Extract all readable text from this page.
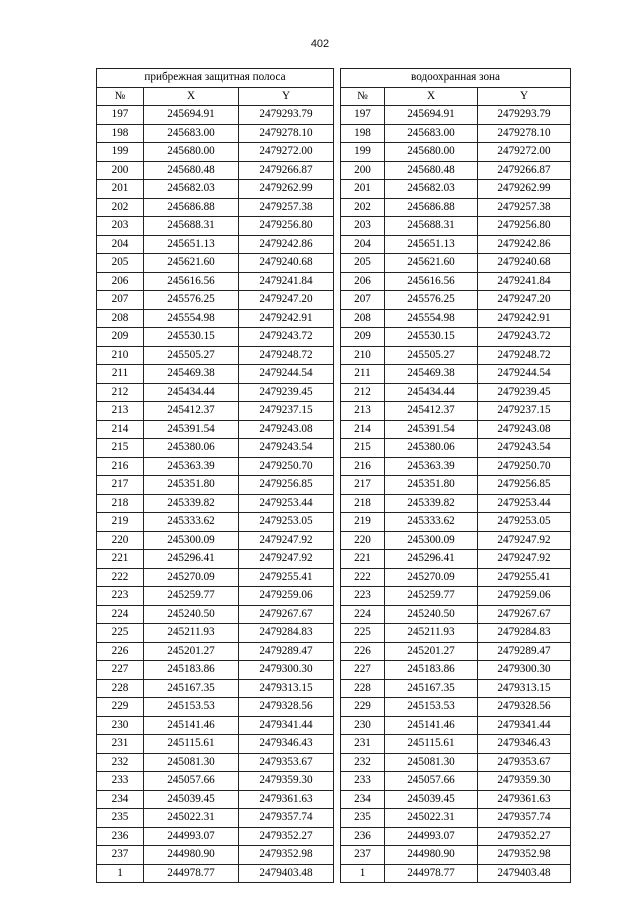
402
прибрежная защитная полоса		
№	X	Y
197	245694.91	2479293.79
198	245683.00	2479278.10
199	245680.00	2479272.00
200	245680.48	2479266.87
201	245682.03	2479262.99
202	245686.88	2479257.38
203	245688.31	2479256.80
204	245651.13	2479242.86
205	245621.60	2479240.68
206	245616.56	2479241.84
207	245576.25	2479247.20
208	245554.98	2479242.91
209	245530.15	2479243.72
210	245505.27	2479248.72
211	245469.38	2479244.54
212	245434.44	2479239.45
213	245412.37	2479237.15
214	245391.54	2479243.08
215	245380.06	2479243.54
216	245363.39	2479250.70
217	245351.80	2479256.85
218	245339.82	2479253.44
219	245333.62	2479253.05
220	245300.09	2479247.92
221	245296.41	2479247.92
222	245270.09	2479255.41
223	245259.77	2479259.06
224	245240.50	2479267.67
225	245211.93	2479284.83
226	245201.27	2479289.47
227	245183.86	2479300.30
228	245167.35	2479313.15
229	245153.53	2479328.56
230	245141.46	2479341.44
231	245115.61	2479346.43
232	245081.30	2479353.67
233	245057.66	2479359.30
234	245039.45	2479361.63
235	245022.31	2479357.74
236	244993.07	2479352.27
237	244980.90	2479352.98
1	244978.77	2479403.48
водоохранная зона		
№	X	Y
197	245694.91	2479293.79
198	245683.00	2479278.10
199	245680.00	2479272.00
200	245680.48	2479266.87
201	245682.03	2479262.99
202	245686.88	2479257.38
203	245688.31	2479256.80
204	245651.13	2479242.86
205	245621.60	2479240.68
206	245616.56	2479241.84
207	245576.25	2479247.20
208	245554.98	2479242.91
209	245530.15	2479243.72
210	245505.27	2479248.72
211	245469.38	2479244.54
212	245434.44	2479239.45
213	245412.37	2479237.15
214	245391.54	2479243.08
215	245380.06	2479243.54
216	245363.39	2479250.70
217	245351.80	2479256.85
218	245339.82	2479253.44
219	245333.62	2479253.05
220	245300.09	2479247.92
221	245296.41	2479247.92
222	245270.09	2479255.41
223	245259.77	2479259.06
224	245240.50	2479267.67
225	245211.93	2479284.83
226	245201.27	2479289.47
227	245183.86	2479300.30
228	245167.35	2479313.15
229	245153.53	2479328.56
230	245141.46	2479341.44
231	245115.61	2479346.43
232	245081.30	2479353.67
233	245057.66	2479359.30
234	245039.45	2479361.63
235	245022.31	2479357.74
236	244993.07	2479352.27
237	244980.90	2479352.98
1	244978.77	2479403.48
